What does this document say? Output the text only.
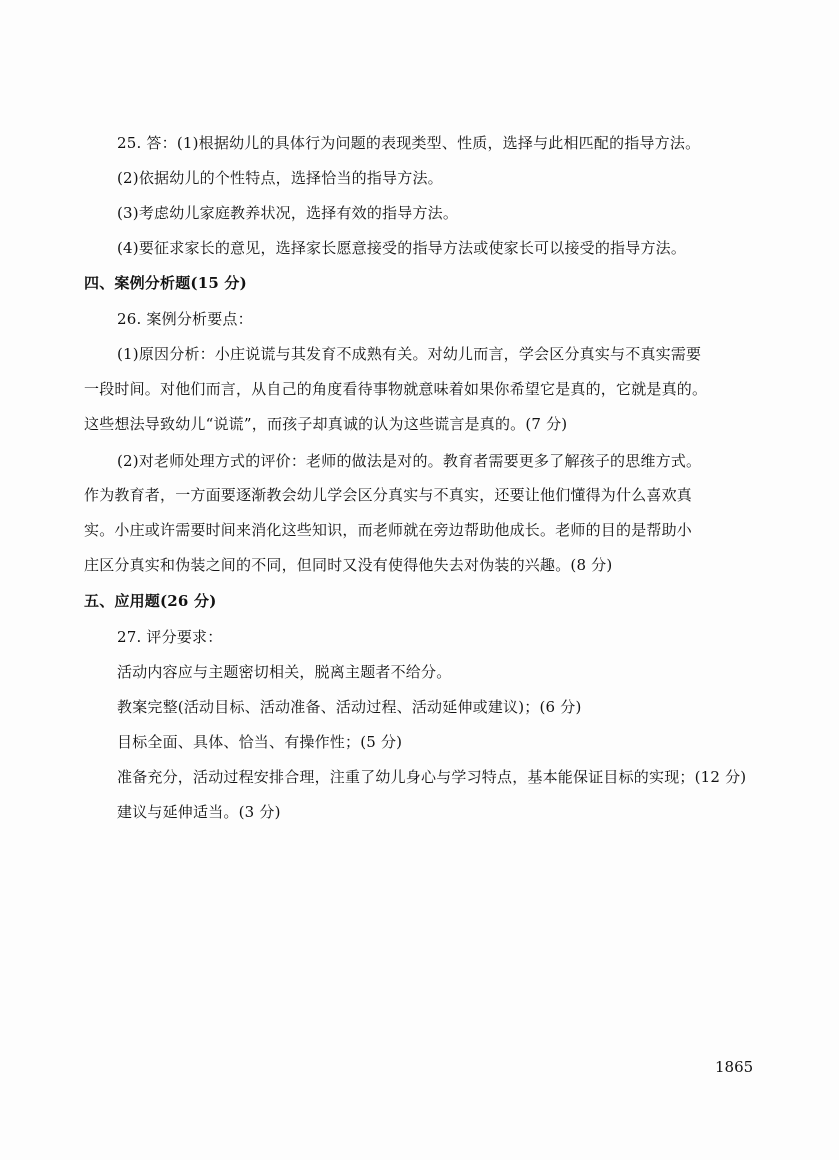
25. 答：(1)根据幼儿的具体行为问题的表现类型、性质，选择与此相匹配的指导方法。
(2)依据幼儿的个性特点，选择恰当的指导方法。
(3)考虑幼儿家庭教养状况，选择有效的指导方法。
(4)要征求家长的意见，选择家长愿意接受的指导方法或使家长可以接受的指导方法。
四、案例分析题(15 分)
26. 案例分析要点：
(1)原因分析：小庄说谎与其发育不成熟有关。对幼儿而言，学会区分真实与不真实需要
一段时间。对他们而言，从自己的角度看待事物就意味着如果你希望它是真的，它就是真的。
这些想法导致幼儿“说谎”，而孩子却真诚的认为这些谎言是真的。(7 分)
(2)对老师处理方式的评价：老师的做法是对的。教育者需要更多了解孩子的思维方式。
作为教育者，一方面要逐渐教会幼儿学会区分真实与不真实，还要让他们懂得为什么喜欢真
实。小庄或许需要时间来消化这些知识，而老师就在旁边帮助他成长。老师的目的是帮助小
庄区分真实和伪装之间的不同，但同时又没有使得他失去对伪装的兴趣。(8 分)
五、应用题(26 分)
27. 评分要求：
活动内容应与主题密切相关，脱离主题者不给分。
教案完整(活动目标、活动准备、活动过程、活动延伸或建议)；(6 分)
目标全面、具体、恰当、有操作性；(5 分)
准备充分，活动过程安排合理，注重了幼儿身心与学习特点，基本能保证目标的实现；(12 分)
建议与延伸适当。(3 分)
1865
